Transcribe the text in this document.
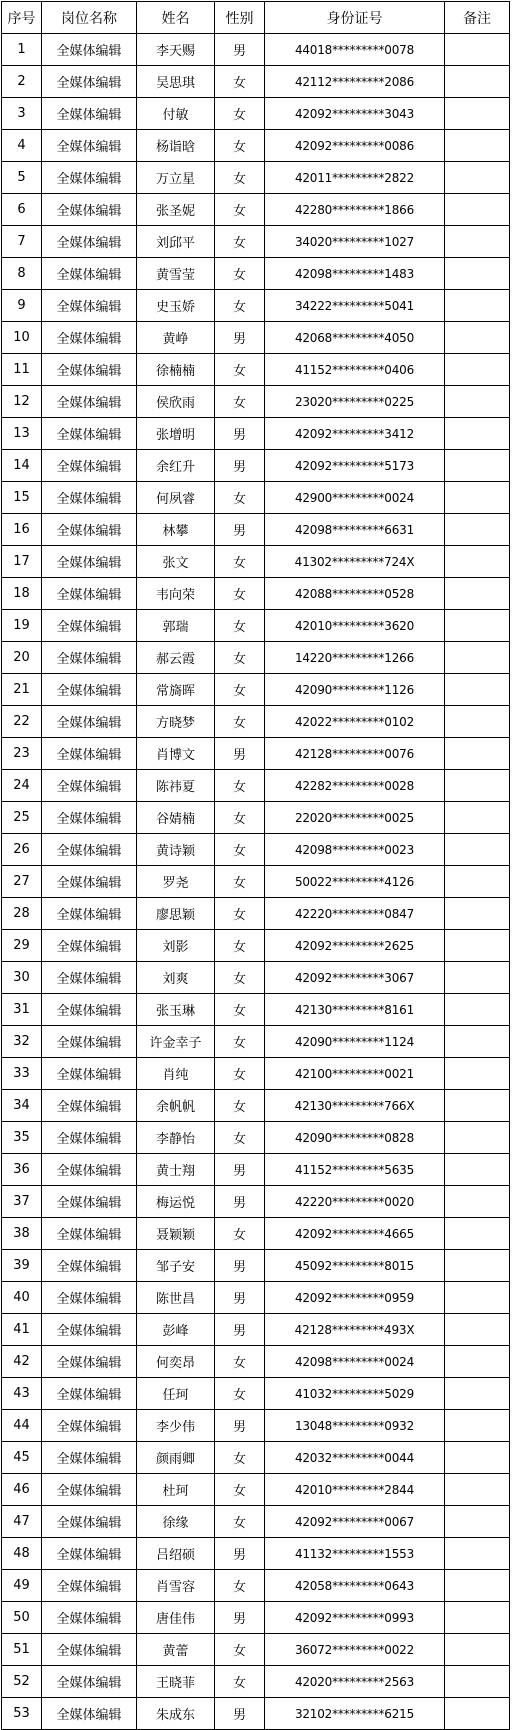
序号	岗位名称	姓名	性别	身份证号	备注
1	全媒体编辑	李天赐	男	44018*********0078	
2	全媒体编辑	吴思琪	女	42112*********2086	
3	全媒体编辑	付敏	女	42092*********3043	
4	全媒体编辑	杨诣晗	女	42092*********0086	
5	全媒体编辑	万立星	女	42011*********2822	
6	全媒体编辑	张圣妮	女	42280*********1866	
7	全媒体编辑	刘邱平	女	34020*********1027	
8	全媒体编辑	黄雪莹	女	42098*********1483	
9	全媒体编辑	史玉娇	女	34222*********5041	
10	全媒体编辑	黄峥	男	42068*********4050	
11	全媒体编辑	徐楠楠	女	41152*********0406	
12	全媒体编辑	侯欣雨	女	23020*********0225	
13	全媒体编辑	张增明	男	42092*********3412	
14	全媒体编辑	余红升	男	42092*********5173	
15	全媒体编辑	何夙睿	女	42900*********0024	
16	全媒体编辑	林攀	男	42098*********6631	
17	全媒体编辑	张文	女	41302*********724X	
18	全媒体编辑	韦向荣	女	42088*********0528	
19	全媒体编辑	郭瑞	女	42010*********3620	
20	全媒体编辑	郝云霞	女	14220*********1266	
21	全媒体编辑	常旖晖	女	42090*********1126	
22	全媒体编辑	方晓梦	女	42022*********0102	
23	全媒体编辑	肖博文	男	42128*********0076	
24	全媒体编辑	陈祎夏	女	42282*********0028	
25	全媒体编辑	谷婧楠	女	22020*********0025	
26	全媒体编辑	黄诗颖	女	42098*********0023	
27	全媒体编辑	罗尧	女	50022*********4126	
28	全媒体编辑	廖思颖	女	42220*********0847	
29	全媒体编辑	刘影	女	42092*********2625	
30	全媒体编辑	刘爽	女	42092*********3067	
31	全媒体编辑	张玉琳	女	42130*********8161	
32	全媒体编辑	许金幸子	女	42090*********1124	
33	全媒体编辑	肖纯	女	42100*********0021	
34	全媒体编辑	余帆帆	女	42130*********766X	
35	全媒体编辑	李静怡	女	42090*********0828	
36	全媒体编辑	黄士翔	男	41152*********5635	
37	全媒体编辑	梅运悦	男	42220*********0020	
38	全媒体编辑	聂颖颖	女	42092*********4665	
39	全媒体编辑	邹子安	男	45092*********8015	
40	全媒体编辑	陈世昌	男	42092*********0959	
41	全媒体编辑	彭峰	男	42128*********493X	
42	全媒体编辑	何奕昂	女	42098*********0024	
43	全媒体编辑	任珂	女	41032*********5029	
44	全媒体编辑	李少伟	男	13048*********0932	
45	全媒体编辑	颜雨卿	女	42032*********0044	
46	全媒体编辑	杜珂	女	42010*********2844	
47	全媒体编辑	徐缘	女	42092*********0067	
48	全媒体编辑	吕绍硕	男	41132*********1553	
49	全媒体编辑	肖雪容	女	42058*********0643	
50	全媒体编辑	唐佳伟	男	42092*********0993	
51	全媒体编辑	黄蕾	女	36072*********0022	
52	全媒体编辑	王晓菲	女	42020*********2563	
53	全媒体编辑	朱成东	男	32102*********6215	
